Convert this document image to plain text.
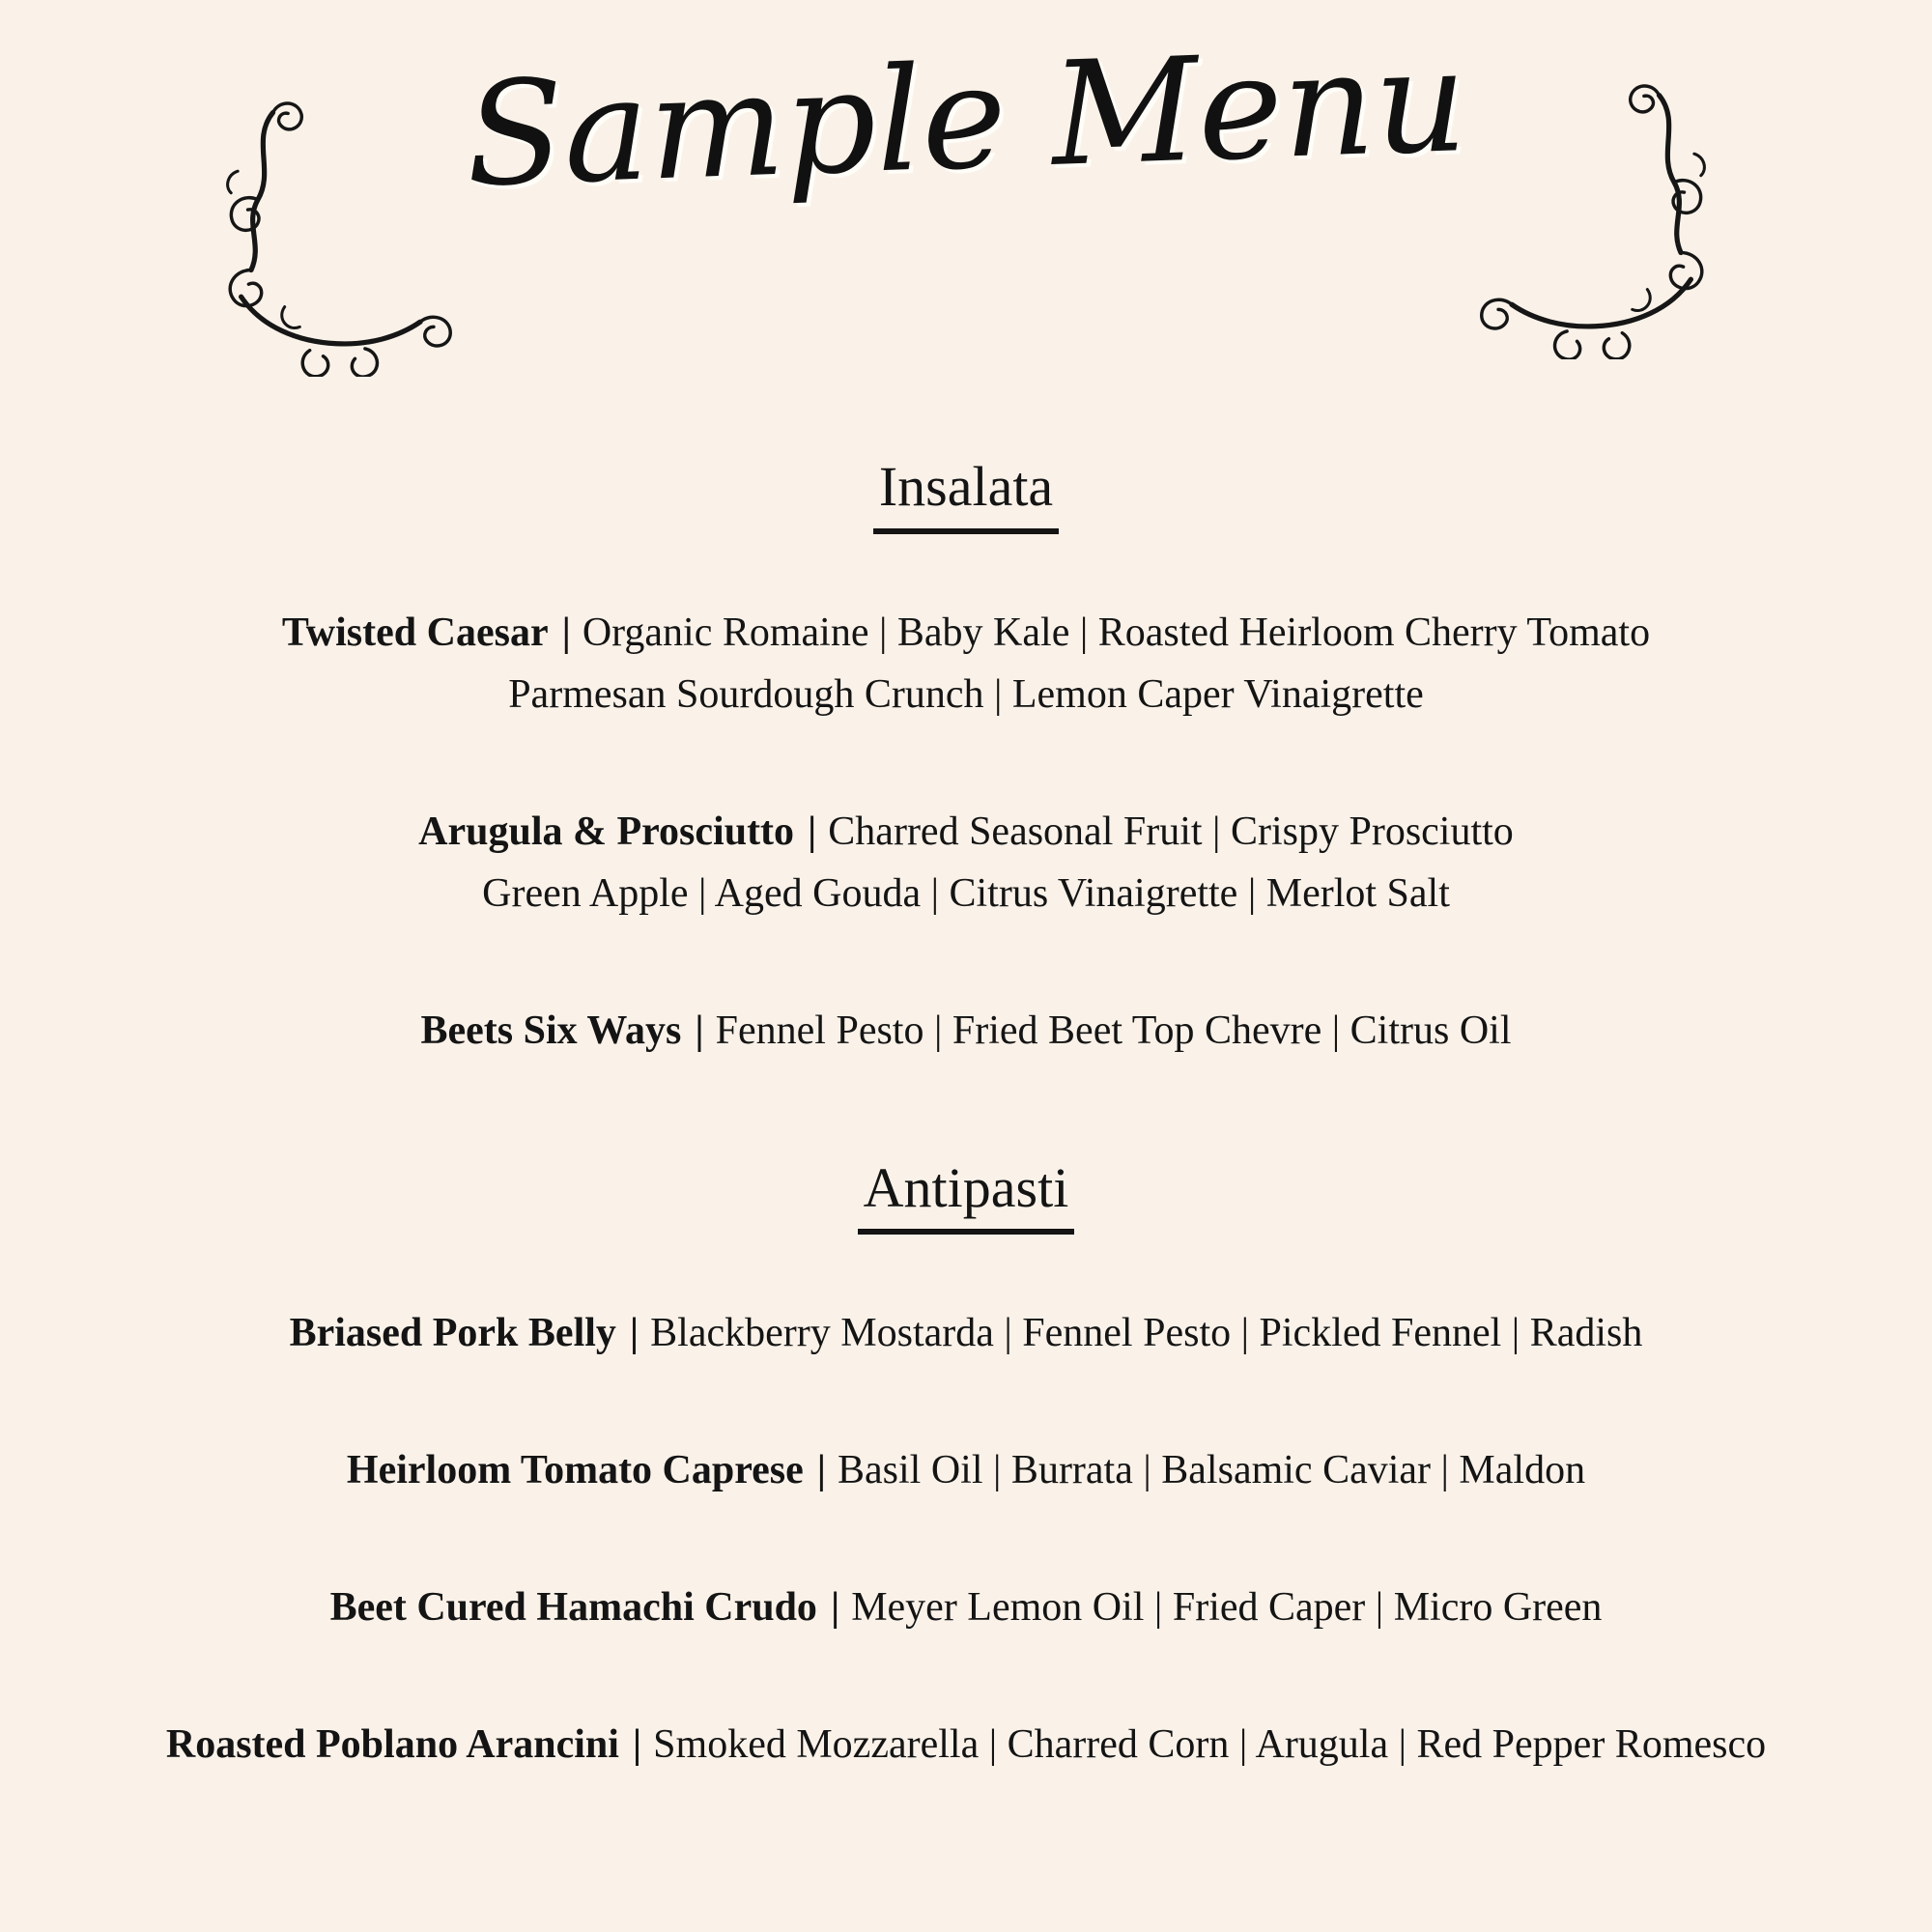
Sample Menu
Insalata

Twisted Caesar | Organic Romaine | Baby Kale | Roasted Heirloom Cherry Tomato

Parmesan Sourdough Crunch | Lemon Caper Vinaigrette

Arugula & Prosciutto | Charred Seasonal Fruit | Crispy Prosciutto

Green Apple | Aged Gouda | Citrus Vinaigrette | Merlot Salt

Beets Six Ways | Fennel Pesto | Fried Beet Top Chevre | Citrus Oil

Antipasti

Briased Pork Belly | Blackberry Mostarda | Fennel Pesto | Pickled Fennel | Radish

Heirloom Tomato Caprese | Basil Oil | Burrata | Balsamic Caviar | Maldon

Beet Cured Hamachi Crudo | Meyer Lemon Oil | Fried Caper | Micro Green

Roasted Poblano Arancini | Smoked Mozzarella | Charred Corn | Arugula | Red Pepper Romesco
